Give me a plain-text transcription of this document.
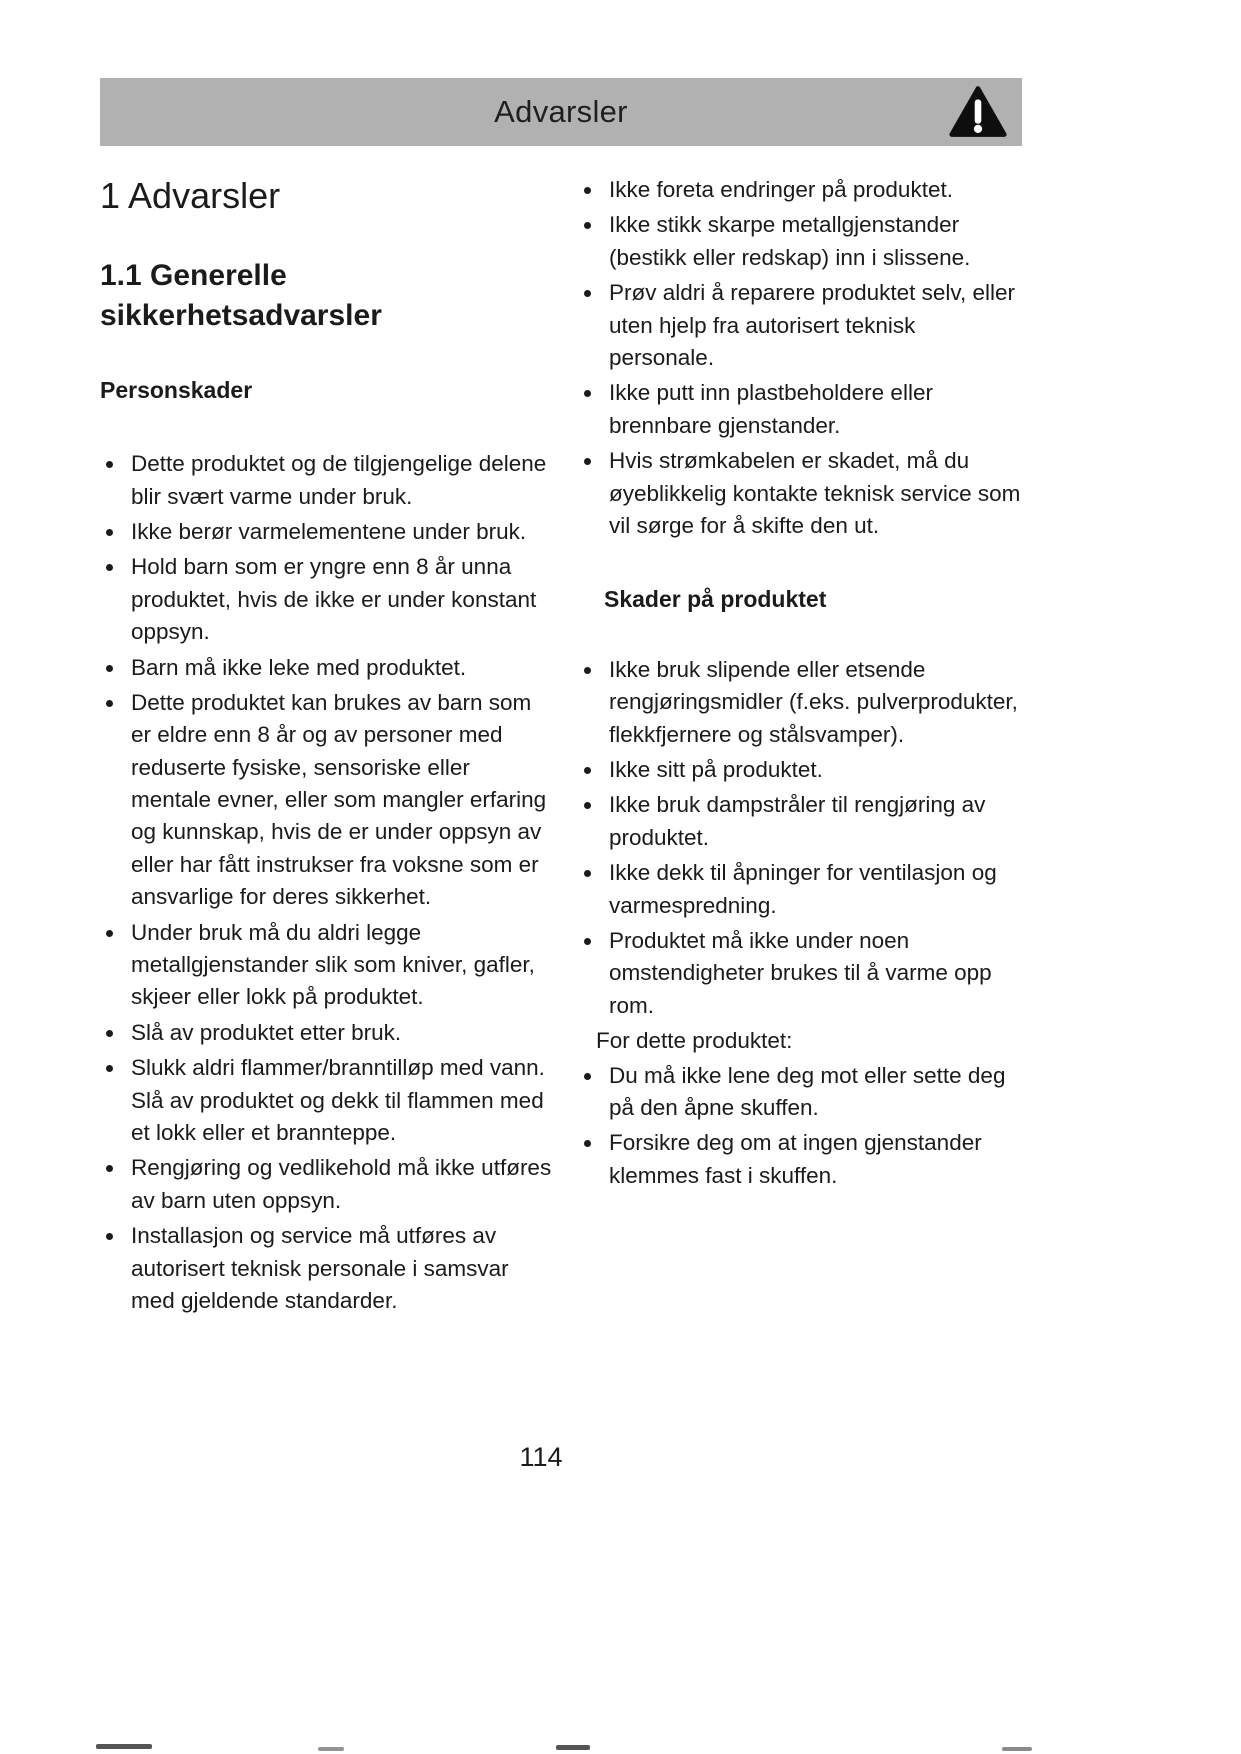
Advarsler
1 Advarsler
1.1 Generelle sikkerhetsadvarsler
Personskader
• Dette produktet og de tilgjengelige delene blir svært varme under bruk.
• Ikke berør varmelementene under bruk.
• Hold barn som er yngre enn 8 år unna produktet, hvis de ikke er under konstant oppsyn.
• Barn må ikke leke med produktet.
• Dette produktet kan brukes av barn som er eldre enn 8 år og av personer med reduserte fysiske, sensoriske eller mentale evner, eller som mangler erfaring og kunnskap, hvis de er under oppsyn av eller har fått instrukser fra voksne som er ansvarlige for deres sikkerhet.
• Under bruk må du aldri legge metallgjenstander slik som kniver, gafler, skjeer eller lokk på produktet.
• Slå av produktet etter bruk.
• Slukk aldri flammer/branntilløp med vann. Slå av produktet og dekk til flammen med et lokk eller et brannteppe.
• Rengjøring og vedlikehold må ikke utføres av barn uten oppsyn.
• Installasjon og service må utføres av autorisert teknisk personale i samsvar med gjeldende standarder.
• Ikke foreta endringer på produktet.
• Ikke stikk skarpe metallgjenstander (bestikk eller redskap) inn i slissene.
• Prøv aldri å reparere produktet selv, eller uten hjelp fra autorisert teknisk personale.
• Ikke putt inn plastbeholdere eller brennbare gjenstander.
• Hvis strømkabelen er skadet, må du øyeblikkelig kontakte teknisk service som vil sørge for å skifte den ut.
Skader på produktet
• Ikke bruk slipende eller etsende rengjøringsmidler (f.eks. pulverprodukter, flekkfjernere og stålsvamper).
• Ikke sitt på produktet.
• Ikke bruk dampstråler til rengjøring av produktet.
• Ikke dekk til åpninger for ventilasjon og varmespredning.
• Produktet må ikke under noen omstendigheter brukes til å varme opp rom.

For dette produktet:

• Du må ikke lene deg mot eller sette deg på den åpne skuffen.
• Forsikre deg om at ingen gjenstander klemmes fast i skuffen.
114
